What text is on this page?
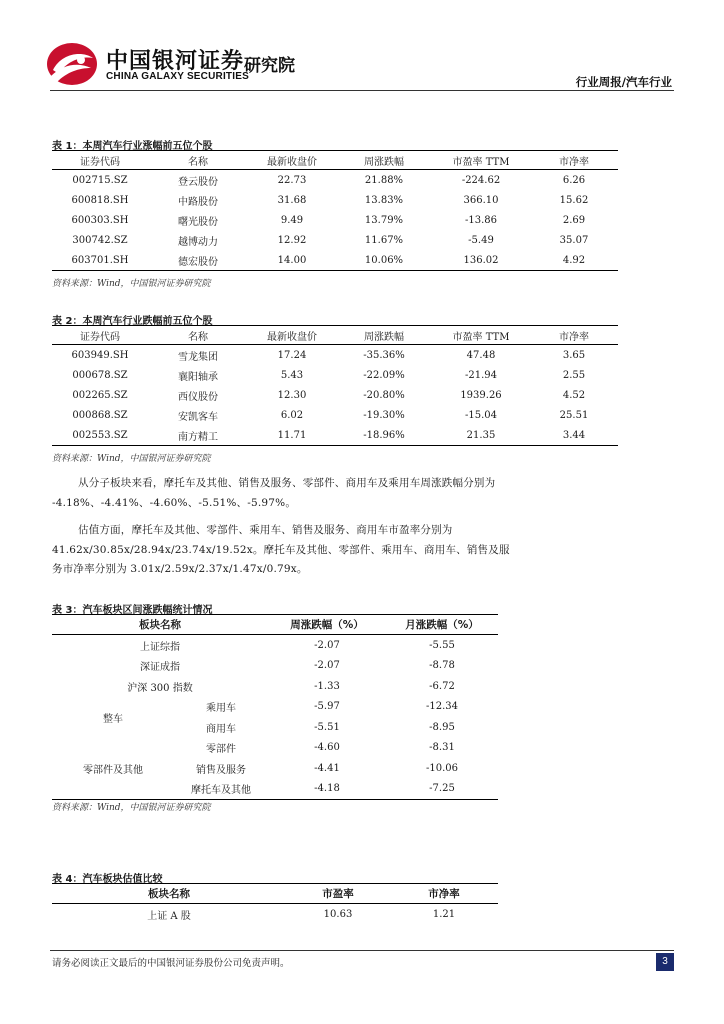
中国银河证券
CHINA GALAXY SECURITIES
研究院
行业周报/汽车行业
表 1：本周汽车行业涨幅前五位个股
证券代码	名称	最新收盘价	周涨跌幅	市盈率 TTM	市净率
002715.SZ	登云股份	22.73	21.88%	-224.62	6.26
600818.SH	中路股份	31.68	13.83%	366.10	15.62
600303.SH	曙光股份	9.49	13.79%	-13.86	2.69
300742.SZ	越博动力	12.92	11.67%	-5.49	35.07
603701.SH	德宏股份	14.00	10.06%	136.02	4.92
资料来源：Wind，中国银河证券研究院
表 2：本周汽车行业跌幅前五位个股
证券代码	名称	最新收盘价	周涨跌幅	市盈率 TTM	市净率
603949.SH	雪龙集团	17.24	-35.36%	47.48	3.65
000678.SZ	襄阳轴承	5.43	-22.09%	-21.94	2.55
002265.SZ	西仪股份	12.30	-20.80%	1939.26	4.52
000868.SZ	安凯客车	6.02	-19.30%	-15.04	25.51
002553.SZ	南方精工	11.71	-18.96%	21.35	3.44
资料来源：Wind，中国银河证券研究院
从分子板块来看，摩托车及其他、销售及服务、零部件、商用车及乘用车周涨跌幅分别为
-4.18%、-4.41%、-4.60%、-5.51%、-5.97%。
估值方面，摩托车及其他、零部件、乘用车、销售及服务、商用车市盈率分别为
41.62x/30.85x/28.94x/23.74x/19.52x。摩托车及其他、零部件、乘用车、商用车、销售及服
务市净率分别为 3.01x/2.59x/2.37x/1.47x/0.79x。
表 3：汽车板块区间涨跌幅统计情况
板块名称		周涨跌幅（%）	月涨跌幅（%）
上证综指		-2.07	-5.55
深证成指		-2.07	-8.78
沪深 300 指数		-1.33	-6.72
整车	乘用车	-5.97	-12.34
	商用车	-5.51	-8.95
零部件及其他	零部件	-4.60	-8.31
	销售及服务	-4.41	-10.06
	摩托车及其他	-4.18	-7.25
资料来源：Wind，中国银河证券研究院
表 4：汽车板块估值比较
板块名称	市盈率	市净率
上证 A 股	10.63	1.21
请务必阅读正文最后的中国银河证券股份公司免责声明。	3
